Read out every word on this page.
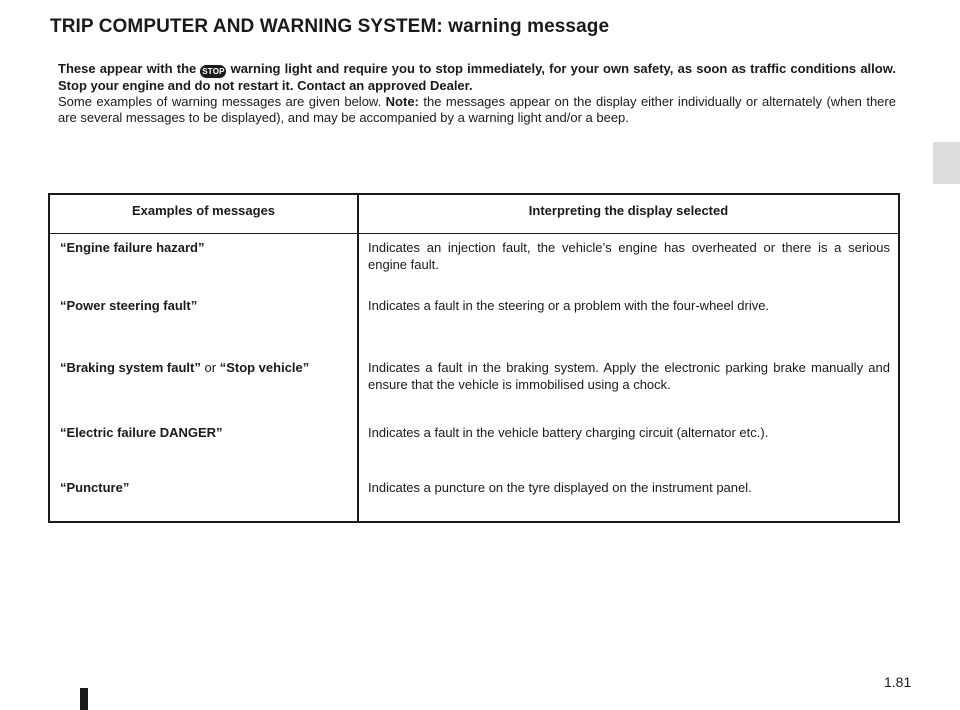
TRIP COMPUTER AND WARNING SYSTEM: warning message

These appear with the STOP warning light and require you to stop immediately, for your own safety, as soon as traffic conditions allow. Stop your engine and do not restart it. Contact an approved Dealer.

Some examples of warning messages are given below. Note: the messages appear on the display either individually or alternately (when there are several messages to be displayed), and may be accompanied by a warning light and/or a beep.

Examples of messages	Interpreting the display selected
“Engine failure hazard”	Indicates an injection fault, the vehicle’s engine has overheated or there is a serious engine fault.
“Power steering fault”	Indicates a fault in the steering or a problem with the four-wheel drive.
“Braking system fault” or “Stop vehicle”	Indicates a fault in the braking system. Apply the electronic parking brake manually and ensure that the vehicle is immobilised using a chock.
“Electric failure DANGER”	Indicates a fault in the vehicle battery charging circuit (alternator etc.).
“Puncture”	Indicates a puncture on the tyre displayed on the instrument panel.
1.81
